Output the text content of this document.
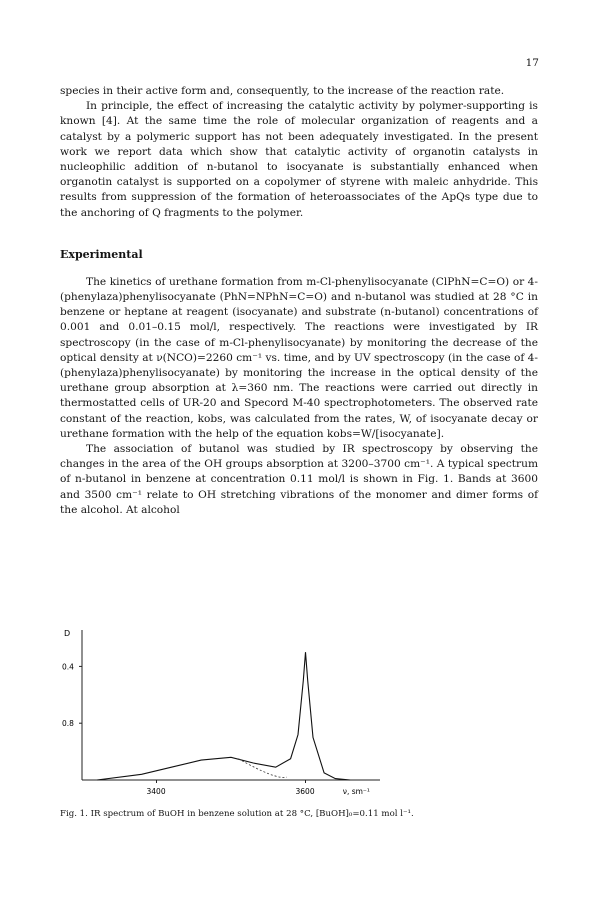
17

species in their active form and, consequently, to the increase of the reaction rate.

In principle, the effect of increasing the catalytic activity by polymer-supporting is known [4]. At the same time the role of molecular organization of reagents and a catalyst by a polymeric support has not been adequately investigated. In the present work we report data which show that catalytic activity of organotin catalysts in nucleophilic addition of n-butanol to isocyanate is substantially enhanced when organotin catalyst is supported on a copolymer of styrene with maleic anhydride. This results from suppression of the formation of heteroassociates of the ApQs type due to the anchoring of Q fragments to the polymer.

Experimental

The kinetics of urethane formation from m-Cl-phenylisocyanate (ClPhN=C=O) or 4-(phenylaza)phenylisocyanate (PhN=NPhN=C=O) and n-butanol was studied at 28 °C in benzene or heptane at reagent (isocyanate) and substrate (n-butanol) concentrations of 0.001 and 0.01–0.15 mol/l, respectively. The reactions were investigated by IR spectroscopy (in the case of m-Cl-phenylisocyanate) by monitoring the decrease of the optical density at ν(NCO)=2260 cm⁻¹ vs. time, and by UV spectroscopy (in the case of 4-(phenylaza)phenylisocyanate) by monitoring the increase in the optical density of the urethane group absorption at λ=360 nm. The reactions were carried out directly in thermostatted cells of UR-20 and Specord M-40 spectrophotometers. The observed rate constant of the reaction, kobs, was calculated from the rates, W, of isocyanate decay or urethane formation with the help of the equation kobs=W/[isocyanate].

The association of butanol was studied by IR spectroscopy by observing the changes in the area of the OH groups absorption at 3200–3700 cm⁻¹. A typical spectrum of n-butanol in benzene at concentration 0.11 mol/l is shown in Fig. 1. Bands at 3600 and 3500 cm⁻¹ relate to OH stretching vibrations of the monomer and dimer forms of the alcohol. At alcohol

D
0.8
0.4
3400	3600	ν, sm⁻¹
Fig. 1. IR spectrum of BuOH in benzene solution at 28 °C, [BuOH]₀=0.11 mol l⁻¹.
